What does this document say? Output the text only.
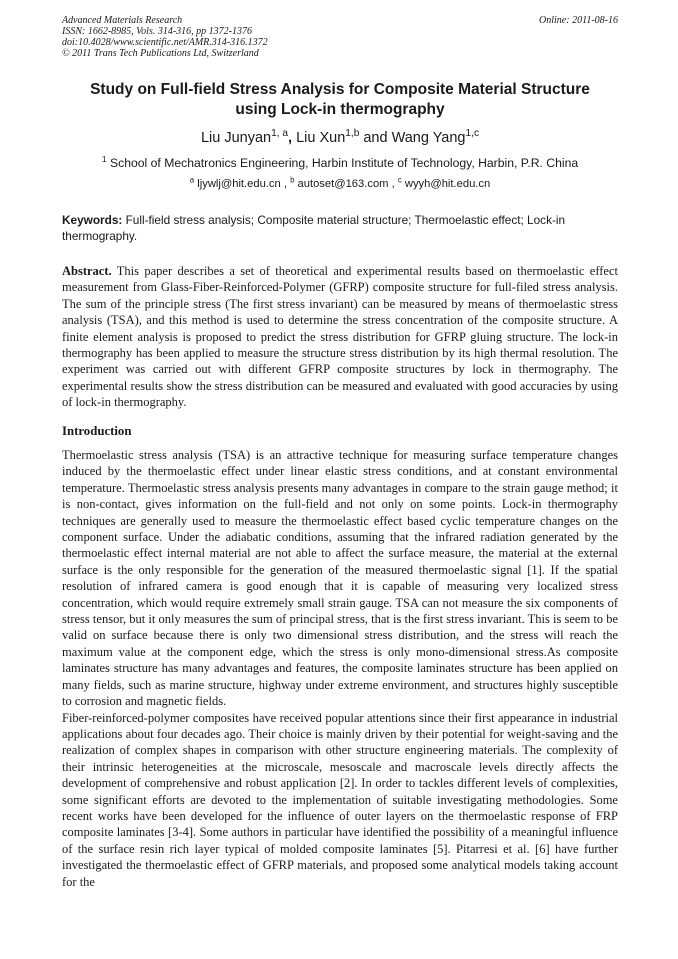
Advanced Materials Research
ISSN: 1662-8985, Vols. 314-316, pp 1372-1376
doi:10.4028/www.scientific.net/AMR.314-316.1372
© 2011 Trans Tech Publications Ltd, Switzerland
Online: 2011-08-16
Study on Full-field Stress Analysis for Composite Material Structure
using Lock-in thermography
Liu Junyan$^{1, a}$, Liu Xun$^{1,b}$ and Wang Yang$^{1,c}$
$^1$ School of Mechatronics Engineering, Harbin Institute of Technology, Harbin, P.R. China
$^a$ ljywlj@hit.edu.cn , $^b$ autoset@163.com , $^c$ wyyh@hit.edu.cn
Keywords: Full-field stress analysis; Composite material structure; Thermoelastic effect; Lock-in thermography.
Abstract. This paper describes a set of theoretical and experimental results based on thermoelastic effect measurement from Glass-Fiber-Reinforced-Polymer (GFRP) composite structure for full-filed stress analysis. The sum of the principle stress (The first stress invariant) can be measured by means of thermoelastic stress analysis (TSA), and this method is used to determine the stress concentration of the composite structure. A finite element analysis is proposed to predict the stress distribution for GFRP gluing structure. The lock-in thermography has been applied to measure the structure stress distribution by its high thermal resolution. The experiment was carried out with different GFRP composite structures by lock in thermography. The experimental results show the stress distribution can be measured and evaluated with good accuracies by using of lock-in thermography.
Introduction

Thermoelastic stress analysis (TSA) is an attractive technique for measuring surface temperature changes induced by the thermoelastic effect under linear elastic stress conditions, and at constant environmental temperature. Thermoelastic stress analysis presents many advantages in compare to the strain gauge method; it is non-contact, gives information on the full-field and not only on some points. Lock-in thermography techniques are generally used to measure the thermoelastic effect based cyclic temperature changes on the component surface. Under the adiabatic conditions, assuming that the infrared radiation generated by the thermoelastic effect internal material are not able to affect the surface measure, the material at the external surface is the only responsible for the generation of the measured thermoelastic signal [1]. If the spatial resolution of infrared camera is good enough that it is capable of measuring very localized stress concentration, which would require extremely small strain gauge. TSA can not measure the six components of stress tensor, but it only measures the sum of principal stress, that is the first stress invariant. This is seem to be valid on surface because there is only two dimensional stress distribution, and the stress will reach the maximum value at the component edge, which the stress is only mono-dimensional stress.As composite laminates structure has many advantages and features, the composite laminates structure has been applied on many fields, such as marine structure, highway under extreme environment, and structures highly susceptible to corrosion and magnetic fields.

Fiber-reinforced-polymer composites have received popular attentions since their first appearance in industrial applications about four decades ago. Their choice is mainly driven by their potential for weight-saving and the realization of complex shapes in comparison with other structure engineering materials. The complexity of their intrinsic heterogeneities at the microscale, mesoscale and macroscale levels directly affects the development of comprehensive and robust application [2]. In order to tackles different levels of complexities, some significant efforts are devoted to the implementation of suitable investigating methodologies. Some recent works have been developed for the influence of outer layers on the thermoelastic response of FRP composite laminates [3-4]. Some authors in particular have identified the possibility of a meaningful influence of the surface resin rich layer typical of molded composite laminates [5]. Pitarresi et al. [6] have further investigated the thermoelastic effect of GFRP materials, and proposed some analytical models taking account for the
